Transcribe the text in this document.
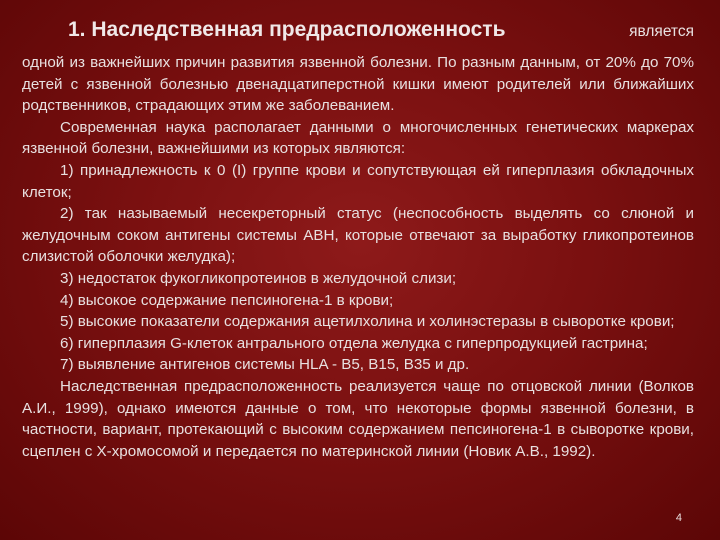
1. Наследственная предрасположенность	является

одной из важнейших причин развития язвенной болезни. По разным данным, от 20% до 70% детей с язвенной болезнью двенадцатиперстной кишки имеют родителей или ближайших родственников, страдающих этим же заболеванием.

Современная наука располагает данными о многочисленных генетических маркерах язвенной болезни, важнейшими из которых являются:

1) принадлежность к 0 (I) группе крови и сопутствующая ей гиперплазия обкладочных клеток;

2) так называемый несекреторный статус (неспособность выделять со слюной и желудочным соком антигены системы АВН, которые отвечают за выработку гликопротеинов слизистой оболочки желудка);

3) недостаток фукогликопротеинов в желудочной слизи;

4) высокое содержание пепсиногена-1 в крови;

5) высокие показатели содержания ацетилхолина и холинэстеразы в сыворотке крови;

6) гиперплазия G-клеток антрального отдела желудка с гиперпродукцией гастрина;

7) выявление антигенов системы HLA - B5, B15, B35 и др.

Наследственная предрасположенность реализуется чаще по отцовской линии (Волков А.И., 1999), однако имеются данные о том, что некоторые формы язвенной болезни, в частности, вариант, протекающий с высоким содержанием пепсиногена-1 в сыворотке крови, сцеплен с Х-хромосомой и передается по материнской линии (Новик А.В., 1992).

4
